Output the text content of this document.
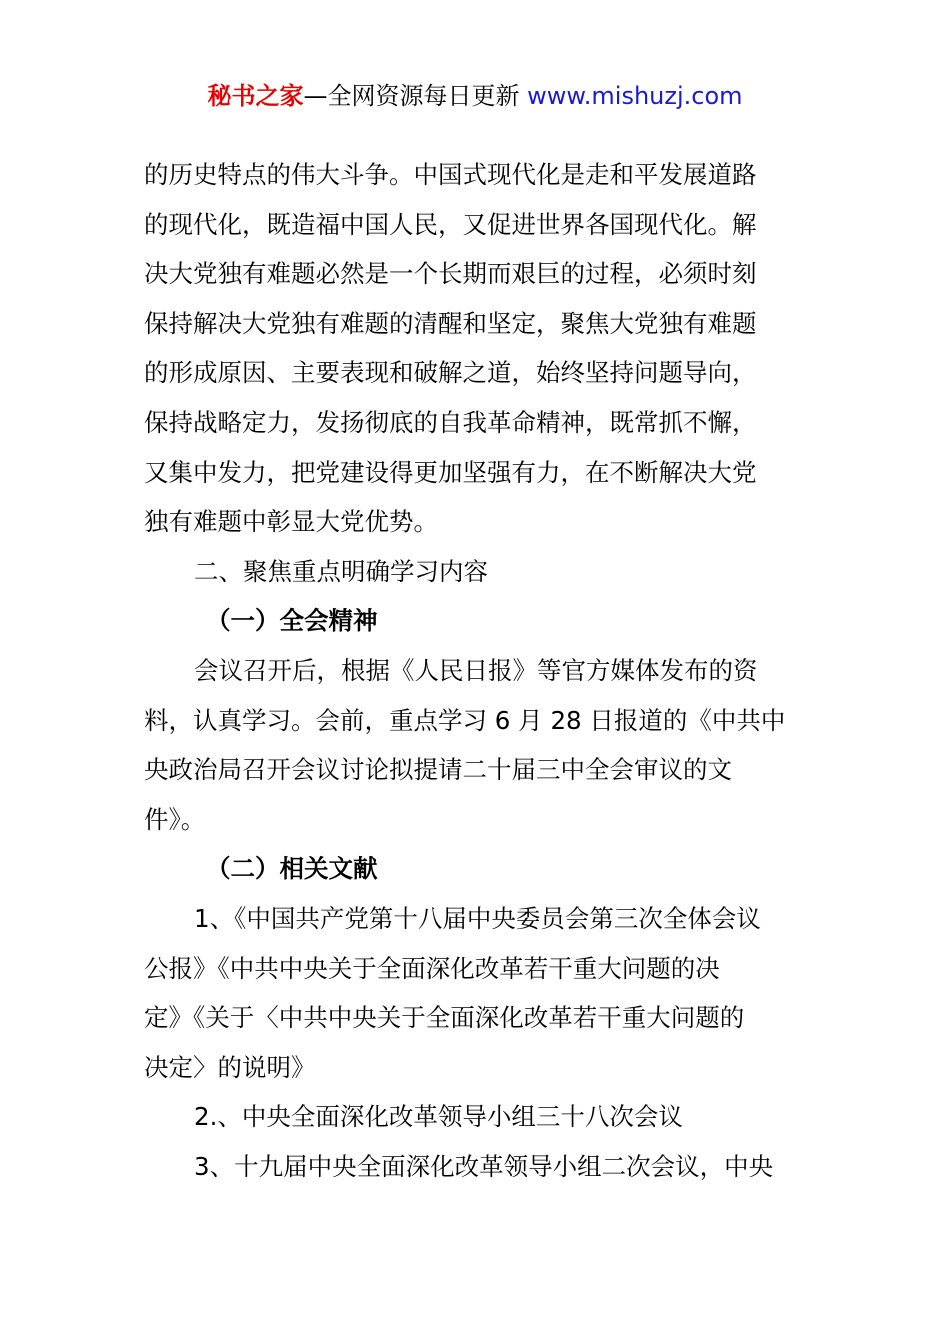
秘书之家—全网资源每日更新 www.mishuzj.com

的历史特点的伟大斗争。中国式现代化是走和平发展道路

的现代化，既造福中国人民，又促进世界各国现代化。解

决大党独有难题必然是一个长期而艰巨的过程，必须时刻

保持解决大党独有难题的清醒和坚定，聚焦大党独有难题

的形成原因、主要表现和破解之道，始终坚持问题导向，

保持战略定力，发扬彻底的自我革命精神，既常抓不懈，

又集中发力，把党建设得更加坚强有力，在不断解决大党

独有难题中彰显大党优势。

二、聚焦重点明确学习内容

（一）全会精神

会议召开后，根据《人民日报》等官方媒体发布的资

料，认真学习。会前，重点学习 6 月 28 日报道的《中共中

央政治局召开会议讨论拟提请二十届三中全会审议的文

件》。

（二）相关文献

1、《中国共产党第十八届中央委员会第三次全体会议

公报》《中共中央关于全面深化改革若干重大问题的决

定》《关于〈中共中央关于全面深化改革若干重大问题的

决定〉的说明》

2.、中央全面深化改革领导小组三十八次会议

3、十九届中央全面深化改革领导小组二次会议，中央
